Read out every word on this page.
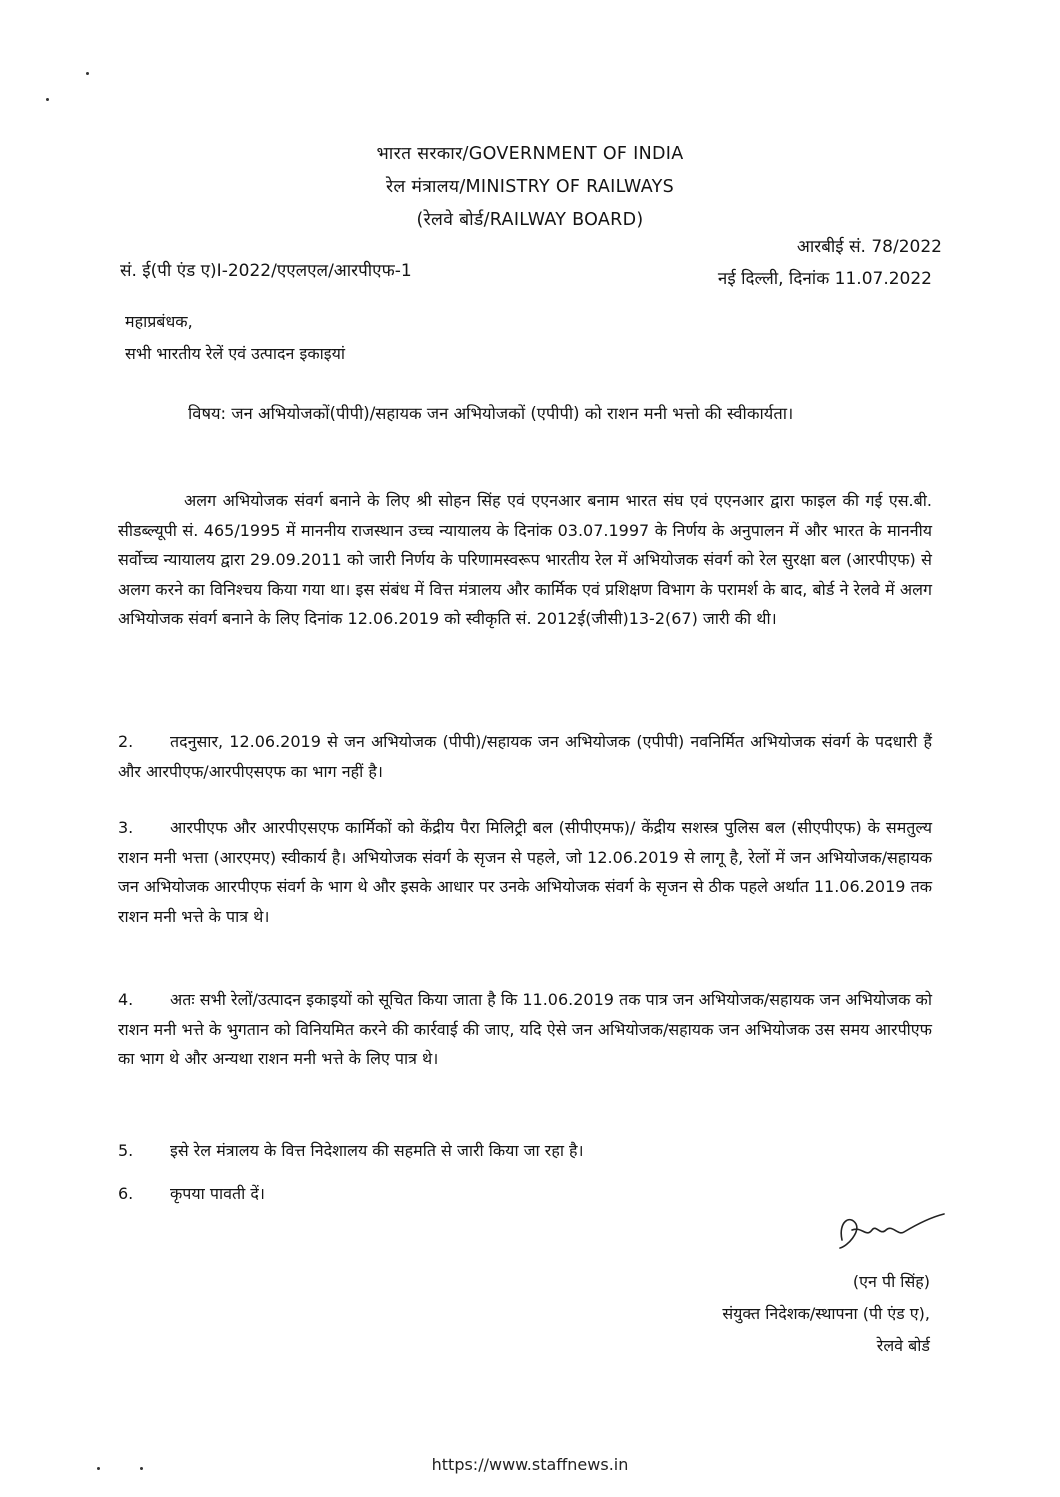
भारत सरकार/GOVERNMENT OF INDIA
रेल मंत्रालय/MINISTRY OF RAILWAYS
(रेलवे बोर्ड/RAILWAY BOARD)
आरबीई सं. 78/2022
सं. ई(पी एंड ए)I-2022/एएलएल/आरपीएफ-1	नई दिल्ली, दिनांक 11.07.2022
महाप्रबंधक,
सभी भारतीय रेलें एवं उत्पादन इकाइयां
विषय: जन अभियोजकों(पीपी)/सहायक जन अभियोजकों (एपीपी) को राशन मनी भत्तो की स्वीकार्यता।
अलग अभियोजक संवर्ग बनाने के लिए श्री सोहन सिंह एवं एएनआर बनाम भारत संघ एवं एएनआर द्वारा फाइल की गई एस.बी. सीडब्ल्यूपी सं. 465/1995 में माननीय राजस्थान उच्च न्यायालय के दिनांक 03.07.1997 के निर्णय के अनुपालन में और भारत के माननीय सर्वोच्च न्यायालय द्वारा 29.09.2011 को जारी निर्णय के परिणामस्वरूप भारतीय रेल में अभियोजक संवर्ग को रेल सुरक्षा बल (आरपीएफ) से अलग करने का विनिश्चय किया गया था। इस संबंध में वित्त मंत्रालय और कार्मिक एवं प्रशिक्षण विभाग के परामर्श के बाद, बोर्ड ने रेलवे में अलग अभियोजक संवर्ग बनाने के लिए दिनांक 12.06.2019 को स्वीकृति सं. 2012ई(जीसी)13-2(67) जारी की थी।
2. तदनुसार, 12.06.2019 से जन अभियोजक (पीपी)/सहायक जन अभियोजक (एपीपी) नवनिर्मित अभियोजक संवर्ग के पदधारी हैं और आरपीएफ/आरपीएसएफ का भाग नहीं है।
3. आरपीएफ और आरपीएसएफ कार्मिकों को केंद्रीय पैरा मिलिट्री बल (सीपीएमफ)/ केंद्रीय सशस्त्र पुलिस बल (सीएपीएफ) के समतुल्य राशन मनी भत्ता (आरएमए) स्वीकार्य है। अभियोजक संवर्ग के सृजन से पहले, जो 12.06.2019 से लागू है, रेलों में जन अभियोजक/सहायक जन अभियोजक आरपीएफ संवर्ग के भाग थे और इसके आधार पर उनके अभियोजक संवर्ग के सृजन से ठीक पहले अर्थात 11.06.2019 तक राशन मनी भत्ते के पात्र थे।
4. अतः सभी रेलों/उत्पादन इकाइयों को सूचित किया जाता है कि 11.06.2019 तक पात्र जन अभियोजक/सहायक जन अभियोजक को राशन मनी भत्ते के भुगतान को विनियमित करने की कार्रवाई की जाए, यदि ऐसे जन अभियोजक/सहायक जन अभियोजक उस समय आरपीएफ का भाग थे और अन्यथा राशन मनी भत्ते के लिए पात्र थे।
5. इसे रेल मंत्रालय के वित्त निदेशालय की सहमति से जारी किया जा रहा है।
6. कृपया पावती दें।
(एन पी सिंह)
संयुक्त निदेशक/स्थापना (पी एंड ए),
रेलवे बोर्ड
https://www.staffnews.in
